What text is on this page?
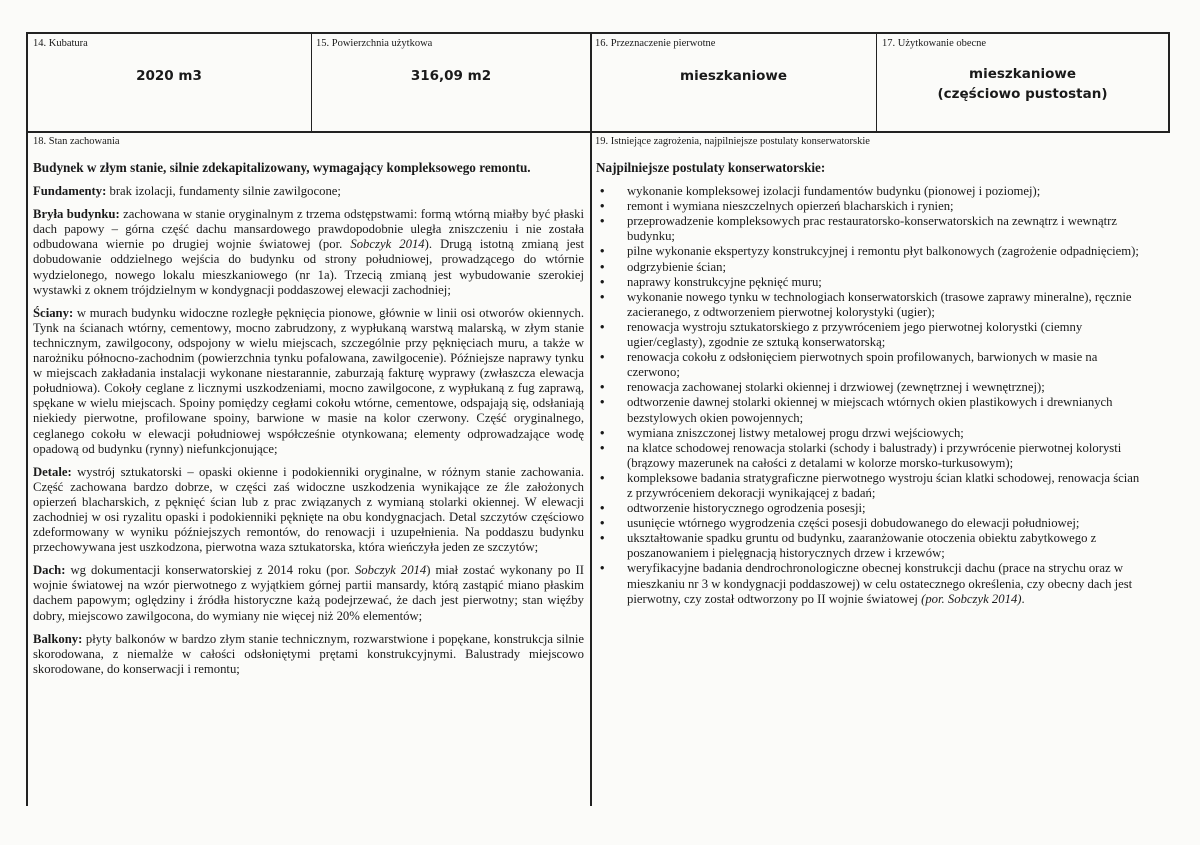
14. Kubatura
2020 m3
15. Powierzchnia użytkowa
316,09 m2
16. Przeznaczenie pierwotne
mieszkaniowe
17. Użytkowanie obecne
mieszkaniowe
(częściowo pustostan)
18. Stan zachowania	19. Istniejące zagrożenia, najpilniejsze postulaty konserwatorskie

Budynek w złym stanie, silnie zdekapitalizowany, wymagający kompleksowego remontu.

Fundamenty: brak izolacji, fundamenty silnie zawilgocone;

Bryła budynku: zachowana w stanie oryginalnym z trzema odstępstwami: formą wtórną miałby być płaski dach papowy – górna część dachu mansardowego prawdopodobnie uległa zniszczeniu i nie została odbudowana wiernie po drugiej wojnie światowej (por. Sobczyk 2014). Drugą istotną zmianą jest dobudowanie oddzielnego wejścia do budynku od strony południowej, prowadzącego do wtórnie wydzielonego, nowego lokalu mieszkaniowego (nr 1a). Trzecią zmianą jest wybudowanie szerokiej wystawki z oknem trójdzielnym w kondygnacji poddaszowej elewacji zachodniej;

Ściany: w murach budynku widoczne rozległe pęknięcia pionowe, głównie w linii osi otworów okiennych. Tynk na ścianach wtórny, cementowy, mocno zabrudzony, z wypłukaną warstwą malarską, w złym stanie technicznym, zawilgocony, odspojony w wielu miejscach, szczególnie przy pęknięciach muru, a także w narożniku północno-zachodnim (powierzchnia tynku pofalowana, zawilgocenie). Późniejsze naprawy tynku w miejscach zakładania instalacji wykonane niestarannie, zaburzają fakturę wyprawy (zwłaszcza elewacja południowa). Cokoły ceglane z licznymi uszkodzeniami, mocno zawilgocone, z wypłukaną z fug zaprawą, spękane w wielu miejscach. Spoiny pomiędzy cegłami cokołu wtórne, cementowe, odspajają się, odsłaniają niekiedy pierwotne, profilowane spoiny, barwione w masie na kolor czerwony. Część oryginalnego, ceglanego cokołu w elewacji południowej współcześnie otynkowana; elementy odprowadzające wodę opadową od budynku (rynny) niefunkcjonujące;

Detale: wystrój sztukatorski – opaski okienne i podokienniki oryginalne, w różnym stanie zachowania. Część zachowana bardzo dobrze, w części zaś widoczne uszkodzenia wynikające ze źle założonych opierzeń blacharskich, z pęknięć ścian lub z prac związanych z wymianą stolarki okiennej. W elewacji zachodniej w osi ryzalitu opaski i podokienniki pęknięte na obu kondygnacjach. Detal szczytów częściowo zdeformowany w wyniku późniejszych remontów, do renowacji i uzupełnienia. Na poddaszu budynku przechowywana jest uszkodzona, pierwotna waza sztukatorska, która wieńczyła jeden ze szczytów;

Dach: wg dokumentacji konserwatorskiej z 2014 roku (por. Sobczyk 2014) miał zostać wykonany po II wojnie światowej na wzór pierwotnego z wyjątkiem górnej partii mansardy, którą zastąpić miano płaskim dachem papowym; oględziny i źródła historyczne każą podejrzewać, że dach jest pierwotny; stan więźby dobry, miejscowo zawilgocona, do wymiany nie więcej niż 20% elementów;

Balkony: płyty balkonów w bardzo złym stanie technicznym, rozwarstwione i popękane, konstrukcja silnie skorodowana, z niemalże w całości odsłoniętymi prętami konstrukcyjnymi. Balustrady miejscowo skorodowane, do konserwacji i remontu;

Najpilniejsze postulaty konserwatorskie:

• wykonanie kompleksowej izolacji fundamentów budynku (pionowej i poziomej);
• remont i wymiana nieszczelnych opierzeń blacharskich i rynien;
• przeprowadzenie kompleksowych prac restauratorsko-konserwatorskich na zewnątrz i wewnątrz budynku;
• pilne wykonanie ekspertyzy konstrukcyjnej i remontu płyt balkonowych (zagrożenie odpadnięciem);
• odgrzybienie ścian;
• naprawy konstrukcyjne pęknięć muru;
• wykonanie nowego tynku w technologiach konserwatorskich (trasowe zaprawy mineralne), ręcznie zacieranego, z odtworzeniem pierwotnej kolorystyki (ugier);
• renowacja wystroju sztukatorskiego z przywróceniem jego pierwotnej kolorystki (ciemny ugier/ceglasty), zgodnie ze sztuką konserwatorską;
• renowacja cokołu z odsłonięciem pierwotnych spoin profilowanych, barwionych w masie na czerwono;
• renowacja zachowanej stolarki okiennej i drzwiowej (zewnętrznej i wewnętrznej);
• odtworzenie dawnej stolarki okiennej w miejscach wtórnych okien plastikowych i drewnianych bezstylowych okien powojennych;
• wymiana zniszczonej listwy metalowej progu drzwi wejściowych;
• na klatce schodowej renowacja stolarki (schody i balustrady) i przywrócenie pierwotnej kolorysti (brązowy mazerunek na całości z detalami w kolorze morsko-turkusowym);
• kompleksowe badania stratygraficzne pierwotnego wystroju ścian klatki schodowej, renowacja ścian z przywróceniem dekoracji wynikającej z badań;
• odtworzenie historycznego ogrodzenia posesji;
• usunięcie wtórnego wygrodzenia części posesji dobudowanego do elewacji południowej;
• ukształtowanie spadku gruntu od budynku, zaaranżowanie otoczenia obiektu zabytkowego z poszanowaniem i pielęgnacją historycznych drzew i krzewów;
• weryfikacyjne badania dendrochronologiczne obecnej konstrukcji dachu (prace na strychu oraz w mieszkaniu nr 3 w kondygnacji poddaszowej) w celu ostatecznego określenia, czy obecny dach jest pierwotny, czy został odtworzony po II wojnie światowej (por. Sobczyk 2014).
